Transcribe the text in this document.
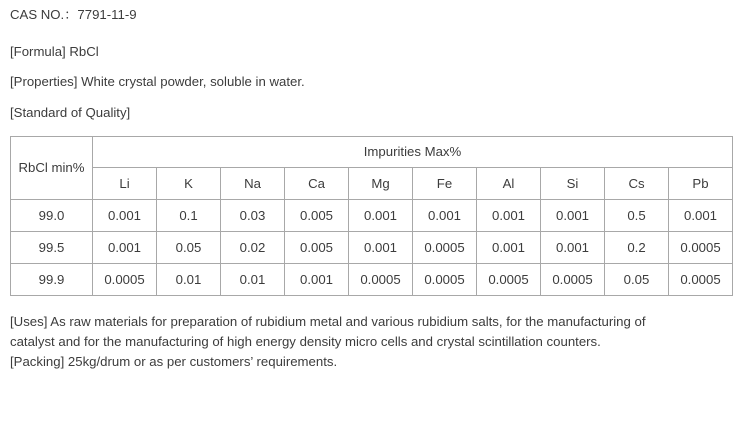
CAS NO.：7791-11-9
[Formula] RbCl
[Properties] White crystal powder, soluble in water.
[Standard of Quality]
RbCl min%	Impurities Max%									
	Li	K	Na	Ca	Mg	Fe	Al	Si	Cs	Pb
99.0	0.001	0.1	0.03	0.005	0.001	0.001	0.001	0.001	0.5	0.001
99.5	0.001	0.05	0.02	0.005	0.001	0.0005	0.001	0.001	0.2	0.0005
99.9	0.0005	0.01	0.01	0.001	0.0005	0.0005	0.0005	0.0005	0.05	0.0005
[Uses] As raw materials for preparation of rubidium metal and various rubidium salts, for the manufacturing of
catalyst and for the manufacturing of high energy density micro cells and crystal scintillation counters.
[Packing] 25kg/drum or as per customers’ requirements.
